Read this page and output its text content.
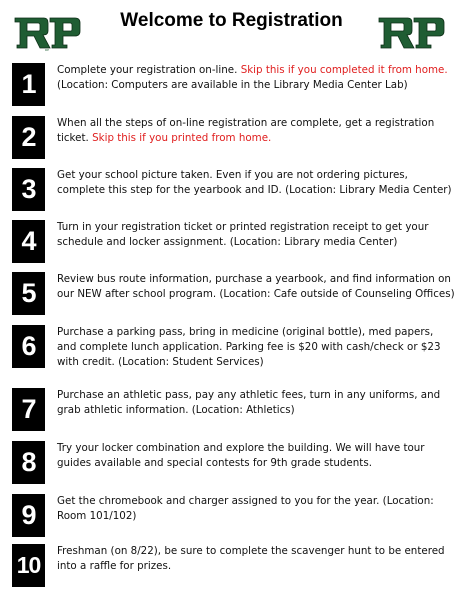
RP
Welcome to Registration
1	Complete your registration on-line. Skip this if you completed it from home. (Location: Computers are available in the Library Media Center Lab)
2	When all the steps of on-line registration are complete, get a registration ticket. Skip this if you printed from home.
3	Get your school picture taken. Even if you are not ordering pictures, complete this step for the yearbook and ID. (Location: Library Media Center)
4	Turn in your registration ticket or printed registration receipt to get your schedule and locker assignment. (Location: Library media Center)
5	Review bus route information, purchase a yearbook, and find information on our NEW after school program. (Location: Cafe outside of Counseling Offices)
6	Purchase a parking pass, bring in medicine (original bottle), med papers, and complete lunch application. Parking fee is $20 with cash/check or $23 with credit. (Location: Student Services)
7	Purchase an athletic pass, pay any athletic fees, turn in any uniforms, and grab athletic information. (Location: Athletics)
8	Try your locker combination and explore the building. We will have tour guides available and special contests for 9th grade students.
9	Get the chromebook and charger assigned to you for the year. (Location: Room 101/102)
10
Freshman (on 8/22), be sure to complete the scavenger hunt to be entered into a raffle for prizes.
